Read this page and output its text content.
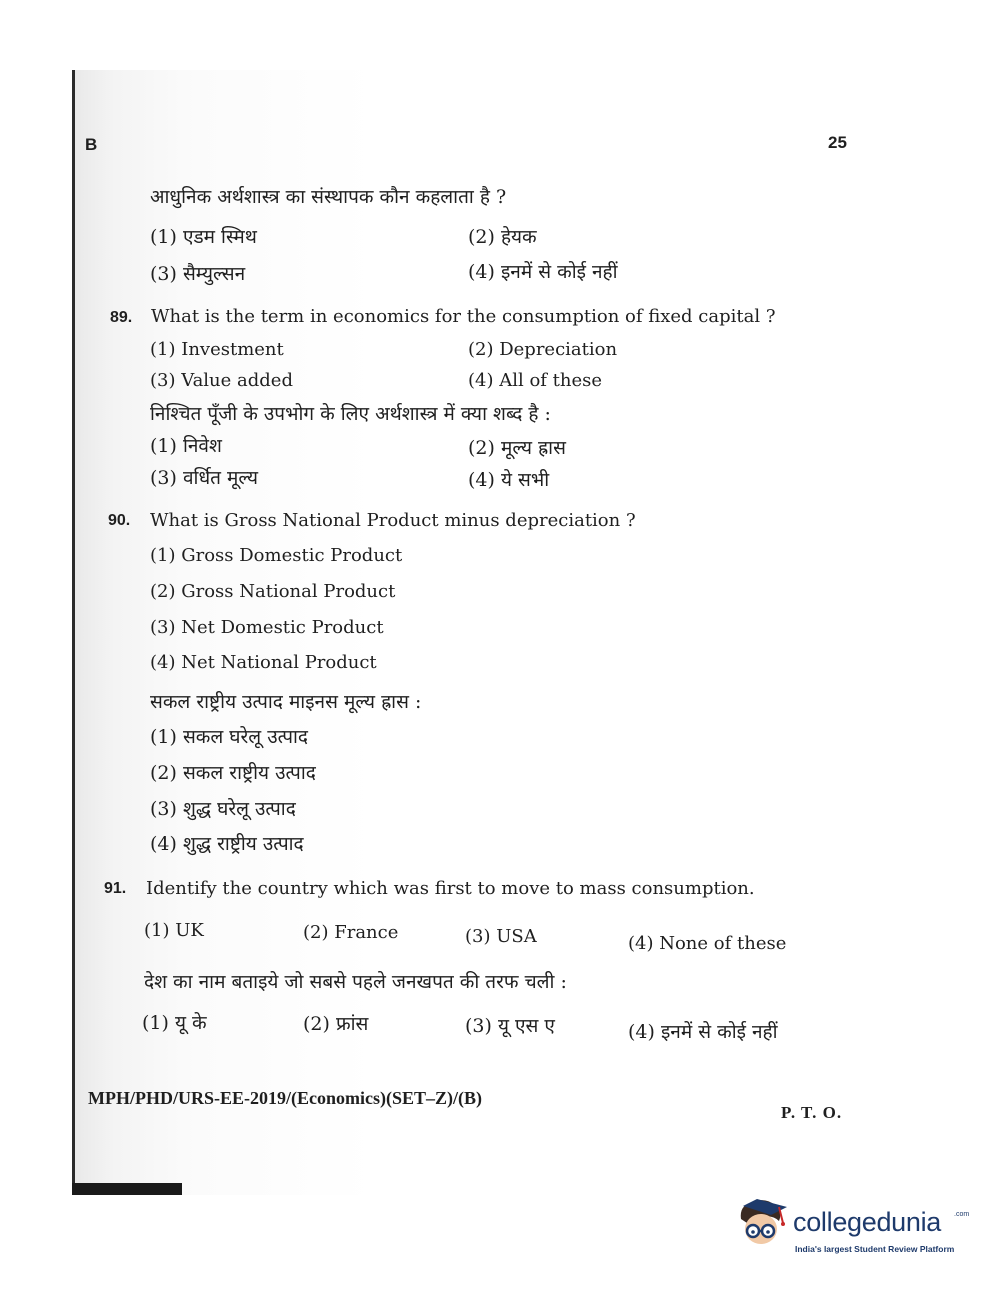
B	25
आधुनिक अर्थशास्त्र का संस्थापक कौन कहलाता है ?
(1) एडम स्मिथ	(2) हेयक
(3) सैम्युल्सन	(4) इनमें से कोई नहीं
89. What is the term in economics for the consumption of fixed capital ?
(1) Investment	(2) Depreciation
(3) Value added	(4) All of these
निश्चित पूँजी के उपभोग के लिए अर्थशास्त्र में क्या शब्द है :
(1) निवेश	(2) मूल्य ह्रास
(3) वर्धित मूल्य	(4) ये सभी
90. What is Gross National Product minus depreciation ?
(1) Gross Domestic Product
(2) Gross National Product
(3) Net Domestic Product
(4) Net National Product
सकल राष्ट्रीय उत्पाद माइनस मूल्य ह्रास :
(1) सकल घरेलू उत्पाद
(2) सकल राष्ट्रीय उत्पाद
(3) शुद्ध घरेलू उत्पाद
(4) शुद्ध राष्ट्रीय उत्पाद
91. Identify the country which was first to move to mass consumption.
(1) UK	(2) France	(3) USA	(4) None of these
देश का नाम बताइये जो सबसे पहले जनखपत की तरफ चली :
(1) यू के	(2) फ्रांस	(3) यू एस ए	(4) इनमें से कोई नहीं
MPH/PHD/URS-EE-2019/(Economics)(SET–Z)/(B)
P. T. O.
collegedunia .com
India's largest Student Review Platform
